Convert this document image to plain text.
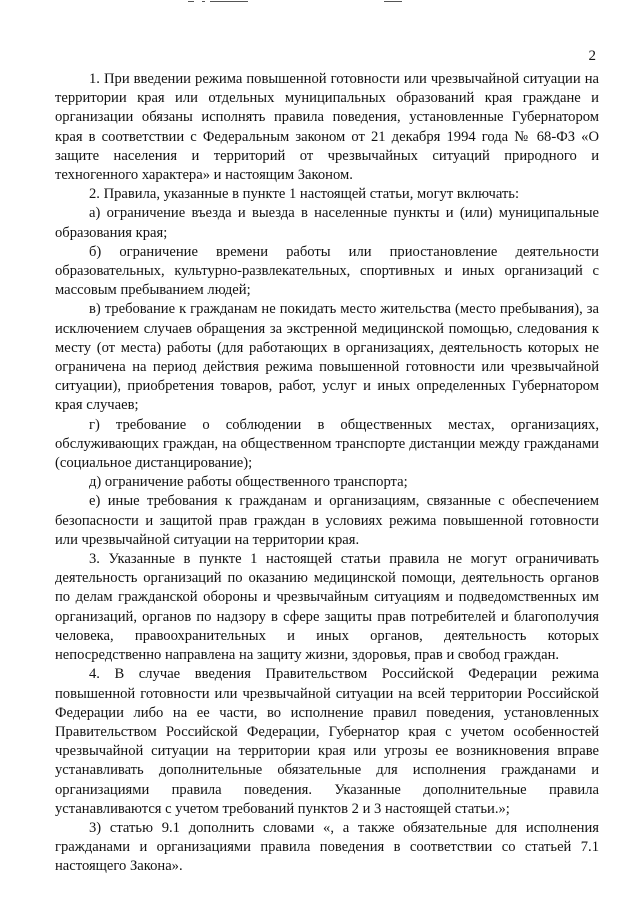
2

1. При введении режима повышенной готовности или чрезвычайной ситуации на территории края или отдельных муниципальных образований края граждане и организации обязаны исполнять правила поведения, установленные Губернатором края в соответствии с Федеральным законом от 21 декабря 1994 года № 68-ФЗ «О защите населения и территорий от чрезвычайных ситуаций природного и техногенного характера» и настоящим Законом.

2. Правила, указанные в пункте 1 настоящей статьи, могут включать:

а) ограничение въезда и выезда в населенные пункты и (или) муниципальные образования края;

б) ограничение времени работы или приостановление деятельности образовательных, культурно-развлекательных, спортивных и иных организаций с массовым пребыванием людей;

в) требование к гражданам не покидать место жительства (место пребывания), за исключением случаев обращения за экстренной медицинской помощью, следования к месту (от места) работы (для работающих в организациях, деятельность которых не ограничена на период действия режима повышенной готовности или чрезвычайной ситуации), приобретения товаров, работ, услуг и иных определенных Губернатором края случаев;

г) требование о соблюдении в общественных местах, организациях, обслуживающих граждан, на общественном транспорте дистанции между гражданами (социальное дистанцирование);

д) ограничение работы общественного транспорта;

е) иные требования к гражданам и организациям, связанные с обеспечением безопасности и защитой прав граждан в условиях режима повышенной готовности или чрезвычайной ситуации на территории края.

3. Указанные в пункте 1 настоящей статьи правила не могут ограничивать деятельность организаций по оказанию медицинской помощи, деятельность органов по делам гражданской обороны и чрезвычайным ситуациям и подведомственных им организаций, органов по надзору в сфере защиты прав потребителей и благополучия человека, правоохранительных и иных органов, деятельность которых непосредственно направлена на защиту жизни, здоровья, прав и свобод граждан.

4. В случае введения Правительством Российской Федерации режима повышенной готовности или чрезвычайной ситуации на всей территории Российской Федерации либо на ее части, во исполнение правил поведения, установленных Правительством Российской Федерации, Губернатор края с учетом особенностей чрезвычайной ситуации на территории края или угрозы ее возникновения вправе устанавливать дополнительные обязательные для исполнения гражданами и организациями правила поведения. Указанные дополнительные правила устанавливаются с учетом требований пунктов 2 и 3 настоящей статьи.»;

3) статью 9.1 дополнить словами «, а также обязательные для исполнения гражданами и организациями правила поведения в соответствии со статьей 7.1 настоящего Закона».
